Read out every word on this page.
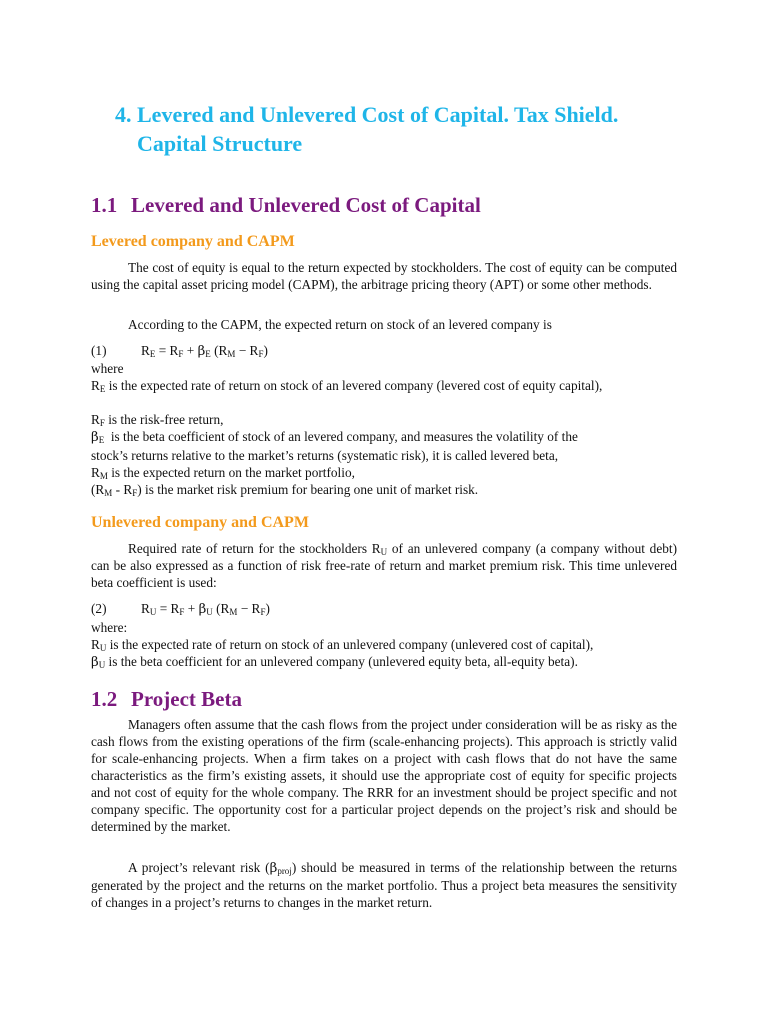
4. Levered and Unlevered Cost of Capital. Tax Shield. Capital Structure
1.1 Levered and Unlevered Cost of Capital
Levered company and CAPM

The cost of equity is equal to the return expected by stockholders. The cost of equity can be computed using the capital asset pricing model (CAPM), the arbitrage pricing theory (APT) or some other methods.

According to the CAPM, the expected return on stock of an levered company is

(1)	$R_E = R_F + \beta_E$ $(R_M - R_F)$
where
$R_E$ is the expected rate of return on stock of an levered company (levered cost of equity capital),
$R_F$ is the risk-free return,
$\beta_E$ is the beta coefficient of stock of an levered company, and measures the volatility of the
stock’s returns relative to the market’s returns (systematic risk), it is called levered beta,
$R_M$ is the expected return on the market portfolio,
$(R_M - R_F)$ is the market risk premium for bearing one unit of market risk.
Unlevered company and CAPM

Required rate of return for the stockholders $R_U$ of an unlevered company (a company without debt) can be also expressed as a function of risk free-rate of return and market premium risk. This time unlevered beta coefficient is used:

(2)	$R_U = R_F + \beta_U$ $(R_M - R_F)$
where:
$R_U$ is the expected rate of return on stock of an unlevered company (unlevered cost of capital),
$\beta_U$ is the beta coefficient for an unlevered company (unlevered equity beta, all-equity beta).
1.2 Project Beta

Managers often assume that the cash flows from the project under consideration will be as risky as the cash flows from the existing operations of the firm (scale-enhancing projects). This approach is strictly valid for scale-enhancing projects. When a firm takes on a project with cash flows that do not have the same characteristics as the firm’s existing assets, it should use the appropriate cost of equity for specific projects and not cost of equity for the whole company. The RRR for an investment should be project specific and not company specific. The opportunity cost for a particular project depends on the project’s risk and should be determined by the market.

A project’s relevant risk $(\beta_{proj})$ should be measured in terms of the relationship between the returns generated by the project and the returns on the market portfolio. Thus a project beta measures the sensitivity of changes in a project’s returns to changes in the market return.
